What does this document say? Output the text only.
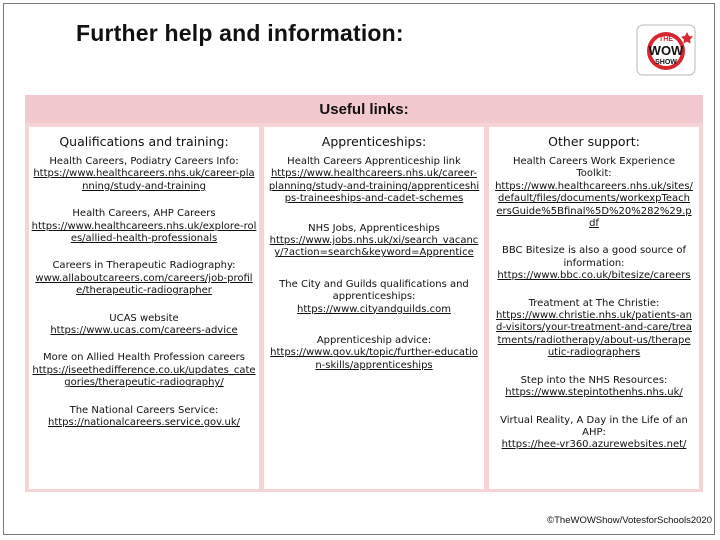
Further help and information:	THE
WOW
SHOW
Useful links:
Qualifications and training:	Apprenticeships:	Other support:
Health Careers, Podiatry Careers Info:
https://www.healthcareers.nhs.uk/career-planning/study-and-training
Health Careers, AHP Careers
https://www.healthcareers.nhs.uk/explore-roles/allied-health-professionals
Careers in Therapeutic Radiography:
www.allaboutcareers.com/careers/job-profile/therapeutic-radiographer
UCAS website
https://www.ucas.com/careers-advice
More on Allied Health Profession careers
https://iseethedifference.co.uk/updates_categories/therapeutic-radiography/
The National Careers Service:
https://nationalcareers.service.gov.uk/
Health Careers Apprenticeship link
https://www.healthcareers.nhs.uk/career-planning/study-and-training/apprenticeships-traineeships-and-cadet-schemes
NHS Jobs, Apprenticeships
https://www.jobs.nhs.uk/xi/search_vacancy/?action=search&keyword=Apprentice
The City and Guilds qualifications and apprenticeships:
https://www.cityandguilds.com
Apprenticeship advice:
https://www.gov.uk/topic/further-education-skills/apprenticeships
Health Careers Work Experience Toolkit:
https://www.healthcareers.nhs.uk/sites/default/files/documents/workexpTeachersGuide%5Bfinal%5D%20%282%29.pdf
BBC Bitesize is also a good source of information:
https://www.bbc.co.uk/bitesize/careers
Treatment at The Christie:
https://www.christie.nhs.uk/patients-and-visitors/your-treatment-and-care/treatments/radiotherapy/about-us/therapeutic-radiographers
Step into the NHS Resources:
https://www.stepintothenhs.nhs.uk/
Virtual Reality, A Day in the Life of an AHP:
https://hee-vr360.azurewebsites.net/
©TheWOWShow/VotesforSchools2020
